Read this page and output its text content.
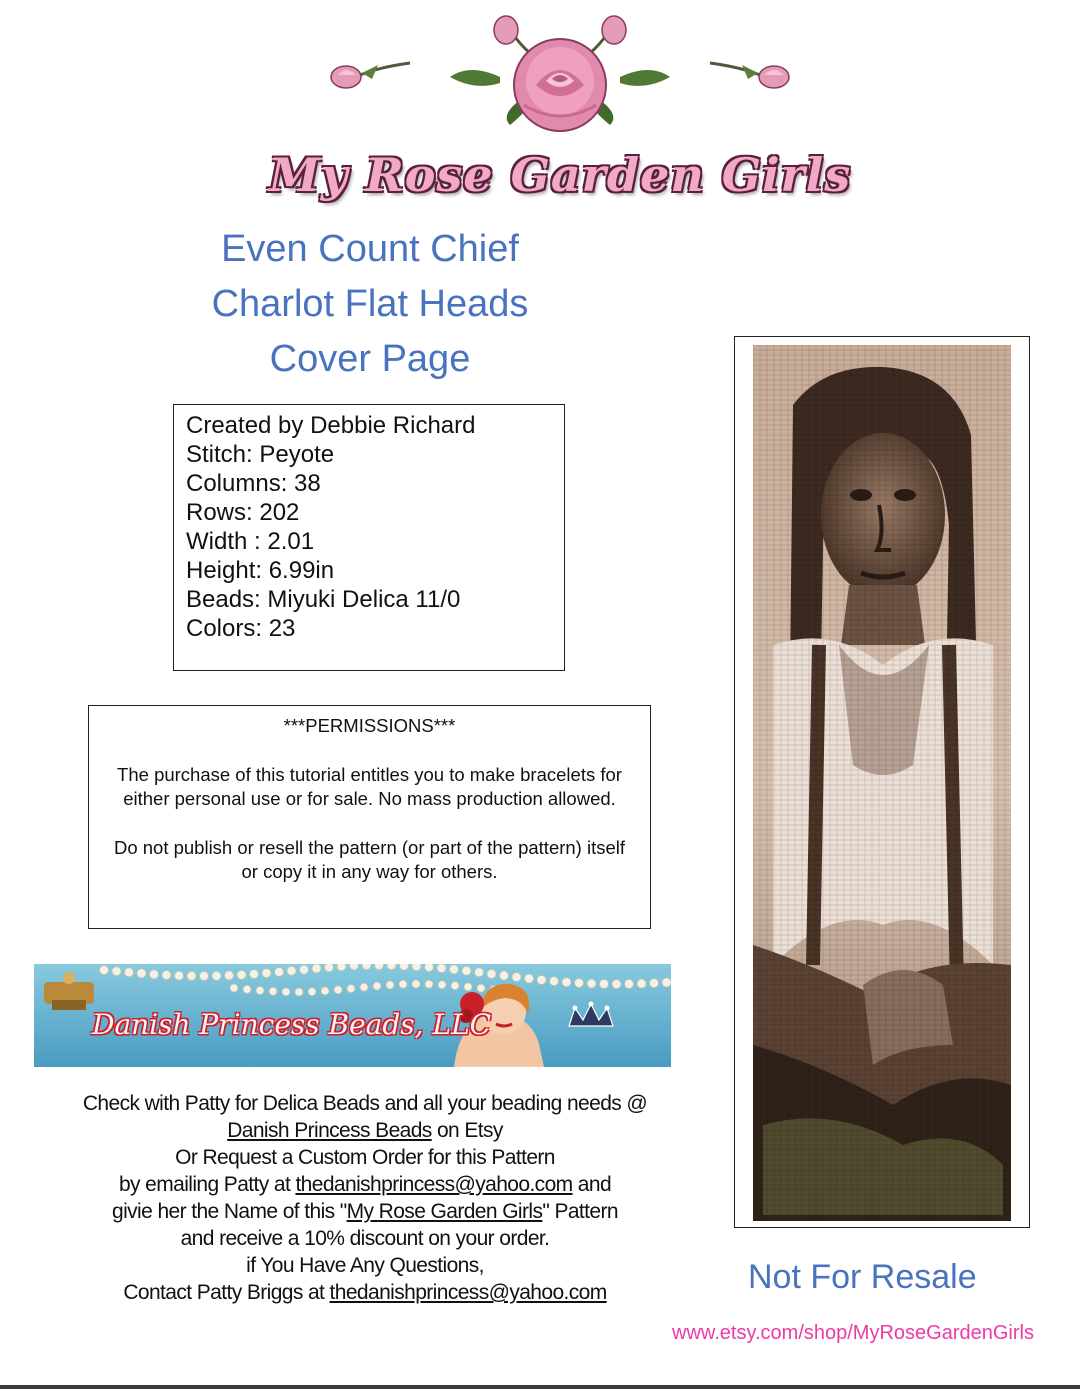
My Rose Garden Girls
Even Count Chief
Charlot Flat Heads
Cover Page
Created by Debbie Richard
Stitch: Peyote
Columns: 38
Rows: 202
Width : 2.01
Height: 6.99in
Beads: Miyuki Delica 11/0
Colors: 23

***PERMISSIONS***

The purchase of this tutorial entitles you to make bracelets for either personal use or for sale. No mass production allowed.

Do not publish or resell the pattern (or part of the pattern) itself or copy it in any way for others.

Danish Princess Beads, LLC
Check with Patty for Delica Beads and all your beading needs @
Danish Princess Beads on Etsy
Or Request a Custom Order for this Pattern
by emailing Patty at thedanishprincess@yahoo.com and
givie her the Name of this "My Rose Garden Girls" Pattern
and receive a 10% discount on your order.
if You Have Any Questions,
Contact Patty Briggs at thedanishprincess@yahoo.com	Not For Resale
www.etsy.com/shop/MyRoseGardenGirls
